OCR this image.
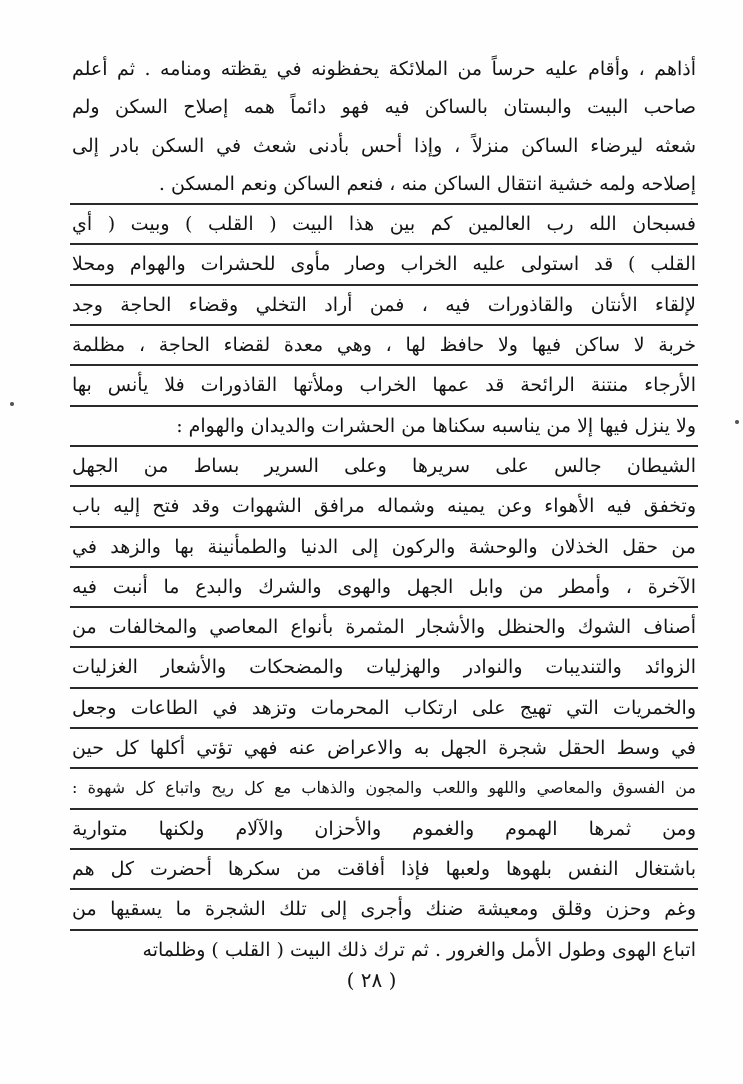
أذاهم ، وأقام عليه حرساً من الملائكة يحفظونه في يقظته ومنامه . ثم أعلم
صاحب البيت والبستان بالساكن فيه فهو دائماً همه إصلاح السكن ولم
شعثه ليرضاء الساكن منزلاً ، وإذا أحس بأدنى شعث في السكن بادر إلى
إصلاحه ولمه خشية انتقال الساكن منه ، فنعم الساكن ونعم المسكن .
فسبحان الله رب العالمين كم بين هذا البيت ( القلب ) وبيت ( أي
القلب ) قد استولى عليه الخراب وصار مأوى للحشرات والهوام ومحلا
لإلقاء الأنتان والقاذورات فيه ، فمن أراد التخلي وقضاء الحاجة وجد
خربة لا ساكن فيها ولا حافظ لها ، وهي معدة لقضاء الحاجة ، مظلمة
الأرجاء منتنة الرائحة قد عمها الخراب وملأتها القاذورات فلا يأنس بها
ولا ينزل فيها إلا من يناسبه سكناها من الحشرات والديدان والهوام :
الشيطان جالس على سريرها وعلى السرير بساط من الجهل
وتخفق فيه الأهواء وعن يمينه وشماله مرافق الشهوات وقد فتح إليه باب
من حقل الخذلان والوحشة والركون إلى الدنيا والطمأنينة بها والزهد في
الآخرة ، وأمطر من وابل الجهل والهوى والشرك والبدع ما أنبت فيه
أصناف الشوك والحنظل والأشجار المثمرة بأنواع المعاصي والمخالفات من
الزوائد والتنديبات والنوادر والهزليات والمضحكات والأشعار الغزليات
والخمريات التي تهيج على ارتكاب المحرمات وتزهد في الطاعات وجعل
في وسط الحقل شجرة الجهل به والاعراض عنه فهي تؤتي أكلها كل حين
من الفسوق والمعاصي واللهو واللعب والمجون والذهاب مع كل ريح واتباع كل شهوة :
ومن ثمرها الهموم والغموم والأحزان والآلام ولكنها متوارية
باشتغال النفس بلهوها ولعبها فإذا أفاقت من سكرها أحضرت كل هم
وغم وحزن وقلق ومعيشة ضنك وأجرى إلى تلك الشجرة ما يسقيها من
اتباع الهوى وطول الأمل والغرور . ثم ترك ذلك البيت ( القلب ) وظلماته
( ٢٨ )
